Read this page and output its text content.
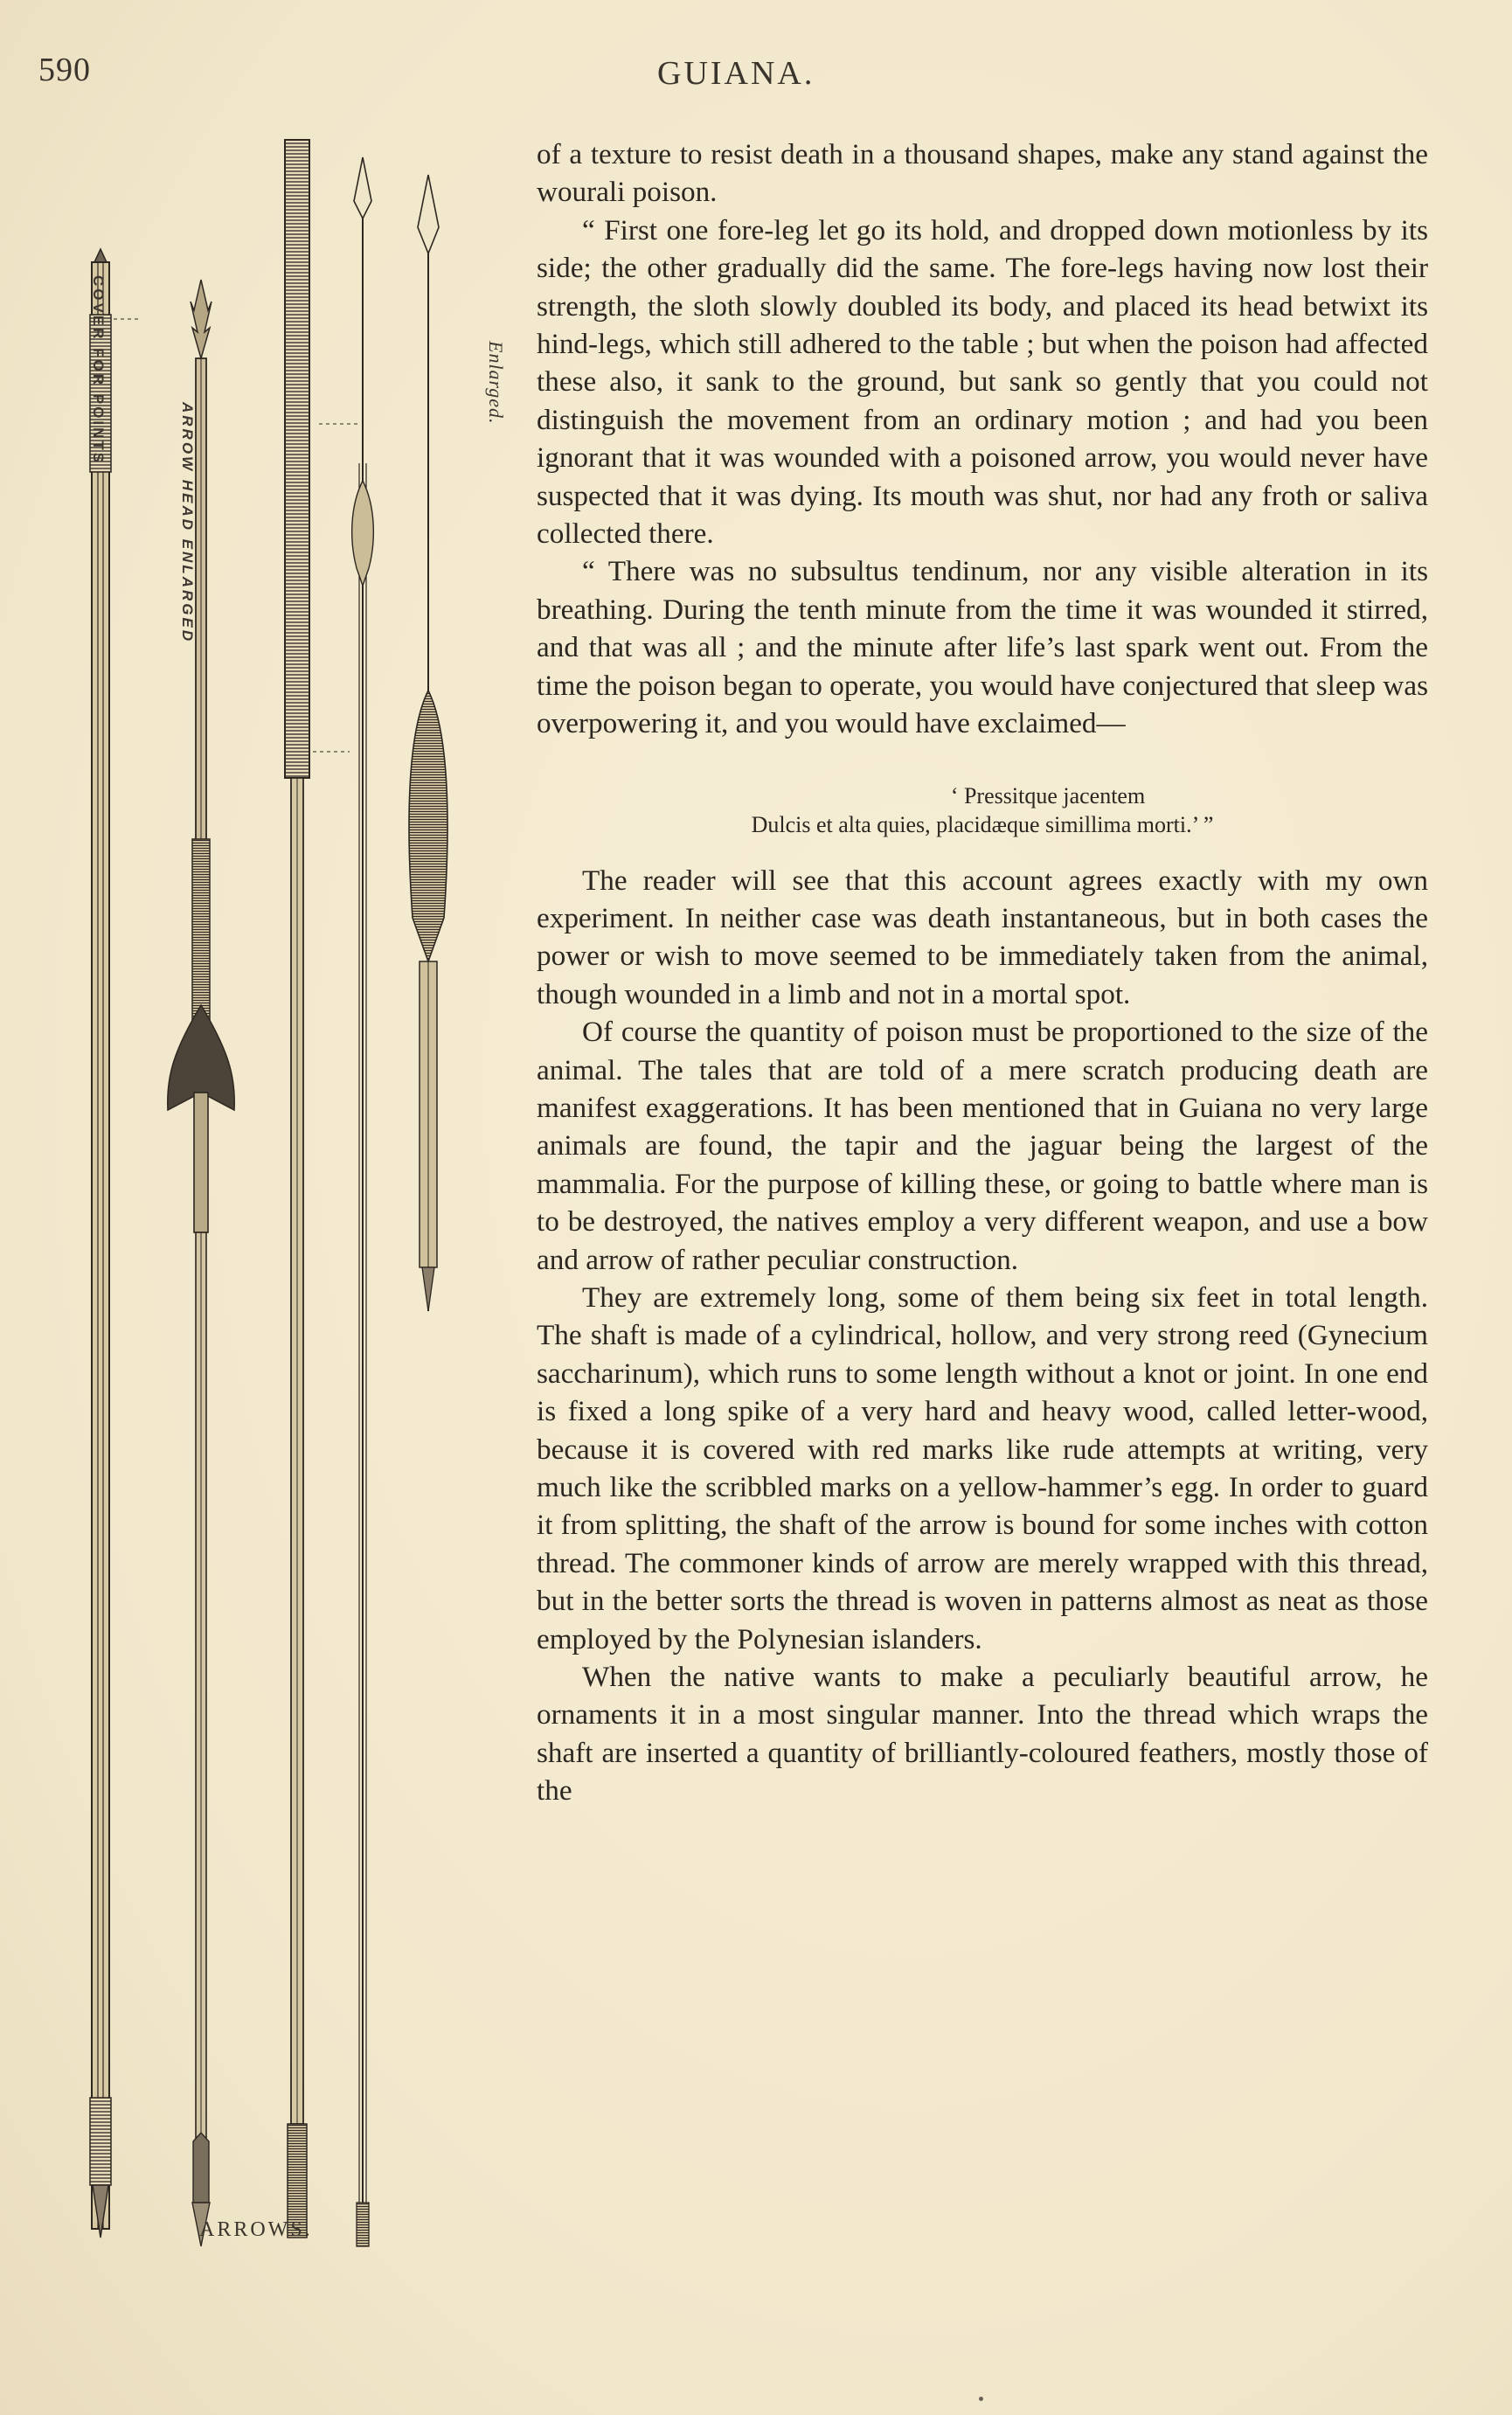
590	GUIANA.
COVER FOR POINTS
ARROW HEAD ENLARGED
Enlarged.
ARROWS.

of a texture to resist death in a thousand shapes, make any stand against the wourali poison.

“ First one fore-leg let go its hold, and dropped down motionless by its side; the other gradually did the same. The fore-legs having now lost their strength, the sloth slowly doubled its body, and placed its head betwixt its hind-legs, which still adhered to the table ; but when the poison had affected these also, it sank to the ground, but sank so gently that you could not distinguish the movement from an ordinary motion ; and had you been ignorant that it was wounded with a poisoned arrow, you would never have suspected that it was dying. Its mouth was shut, nor had any froth or saliva collected there.

“ There was no subsultus tendinum, nor any visible alteration in its breathing. During the tenth minute from the time it was wounded it stirred, and that was all ; and the minute after life’s last spark went out. From the time the poison began to operate, you would have conjectured that sleep was overpowering it, and you would have exclaimed—

‘ Pressitque jacentem
Dulcis et alta quies, placidæque simillima morti.’ ”

The reader will see that this account agrees exactly with my own experiment. In neither case was death instantaneous, but in both cases the power or wish to move seemed to be immediately taken from the animal, though wounded in a limb and not in a mortal spot.

Of course the quantity of poison must be proportioned to the size of the animal. The tales that are told of a mere scratch producing death are manifest exaggerations. It has been mentioned that in Guiana no very large animals are found, the tapir and the jaguar being the largest of the mammalia. For the purpose of killing these, or going to battle where man is to be destroyed, the natives employ a very different weapon, and use a bow and arrow of rather peculiar construction.

They are extremely long, some of them being six feet in total length. The shaft is made of a cylindrical, hollow, and very strong reed (Gynecium saccharinum), which runs to some length without a knot or joint. In one end is fixed a long spike of a very hard and heavy wood, called letter-wood, because it is covered with red marks like rude attempts at writing, very much like the scribbled marks on a yellow-hammer’s egg. In order to guard it from splitting, the shaft of the arrow is bound for some inches with cotton thread. The commoner kinds of arrow are merely wrapped with this thread, but in the better sorts the thread is woven in patterns almost as neat as those employed by the Polynesian islanders.

When the native wants to make a peculiarly beautiful arrow, he ornaments it in a most singular manner. Into the thread which wraps the shaft are inserted a quantity of brilliantly-coloured feathers, mostly those of the
